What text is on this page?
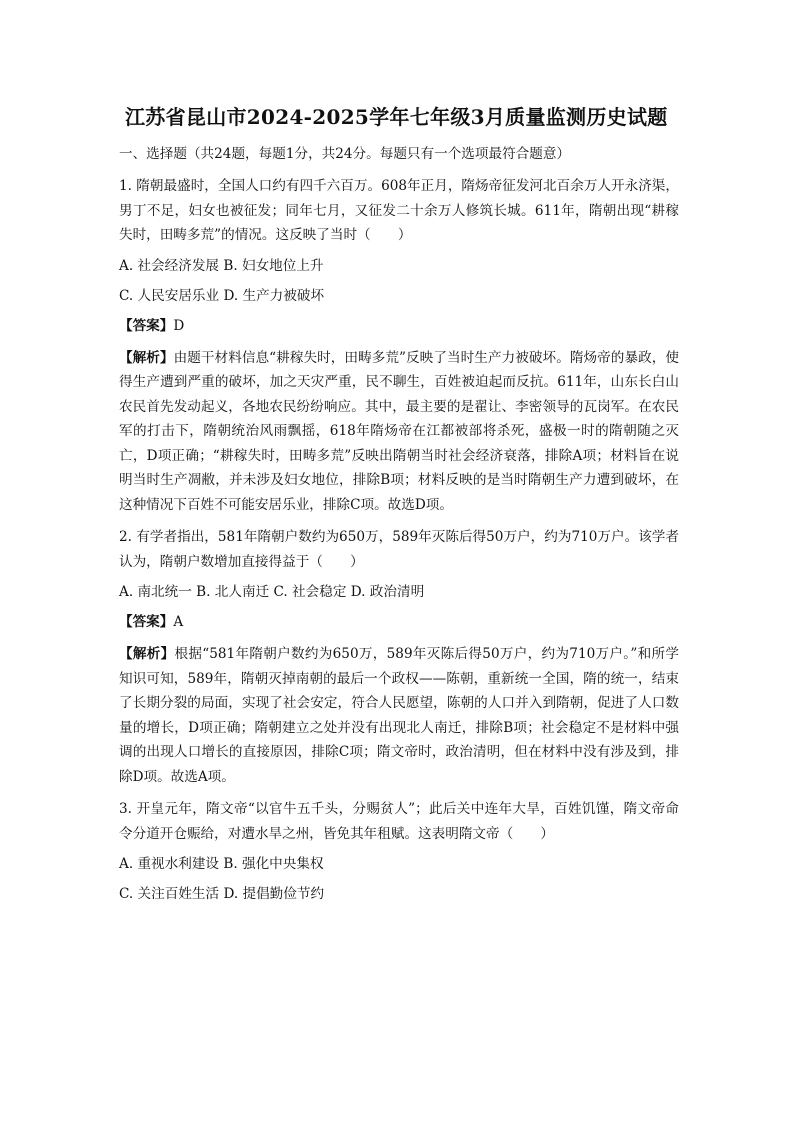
江苏省昆山市2024-2025学年七年级3月质量监测历史试题
一、选择题（共24题，每题1分，共24分。每题只有一个选项最符合题意）
1. 隋朝最盛时，全国人口约有四千六百万。608年正月，隋炀帝征发河北百余万人开永济渠，男丁不足，妇女也被征发；同年七月，又征发二十余万人修筑长城。611年，隋朝出现“耕稼失时，田畴多荒”的情况。这反映了当时（　　）
A. 社会经济发展 B. 妇女地位上升
C. 人民安居乐业 D. 生产力被破坏
【答案】D
【解析】由题干材料信息“耕稼失时，田畴多荒”反映了当时生产力被破坏。隋炀帝的暴政，使得生产遭到严重的破坏，加之天灾严重，民不聊生，百姓被迫起而反抗。611年，山东长白山农民首先发动起义，各地农民纷纷响应。其中，最主要的是翟让、李密领导的瓦岗军。在农民军的打击下，隋朝统治风雨飘摇，618年隋炀帝在江都被部将杀死，盛极一时的隋朝随之灭亡，D项正确；“耕稼失时，田畴多荒”反映出隋朝当时社会经济衰落，排除A项；材料旨在说明当时生产凋敝，并未涉及妇女地位，排除B项；材料反映的是当时隋朝生产力遭到破坏，在这种情况下百姓不可能安居乐业，排除C项。故选D项。
2. 有学者指出，581年隋朝户数约为650万，589年灭陈后得50万户，约为710万户。该学者认为，隋朝户数增加直接得益于（　　）
A. 南北统一 B. 北人南迁 C. 社会稳定 D. 政治清明
【答案】A
【解析】根据“581年隋朝户数约为650万，589年灭陈后得50万户，约为710万户。”和所学知识可知，589年，隋朝灭掉南朝的最后一个政权——陈朝，重新统一全国，隋的统一，结束了长期分裂的局面，实现了社会安定，符合人民愿望，陈朝的人口并入到隋朝，促进了人口数量的增长，D项正确；隋朝建立之处并没有出现北人南迁，排除B项；社会稳定不是材料中强调的出现人口增长的直接原因，排除C项；隋文帝时，政治清明，但在材料中没有涉及到，排除D项。故选A项。
3. 开皇元年，隋文帝“以官牛五千头，分赐贫人”；此后关中连年大旱，百姓饥馑，隋文帝命令分道开仓赈给，对遭水旱之州，皆免其年租赋。这表明隋文帝（　　）
A. 重视水利建设 B. 强化中央集权
C. 关注百姓生活 D. 提倡勤俭节约
